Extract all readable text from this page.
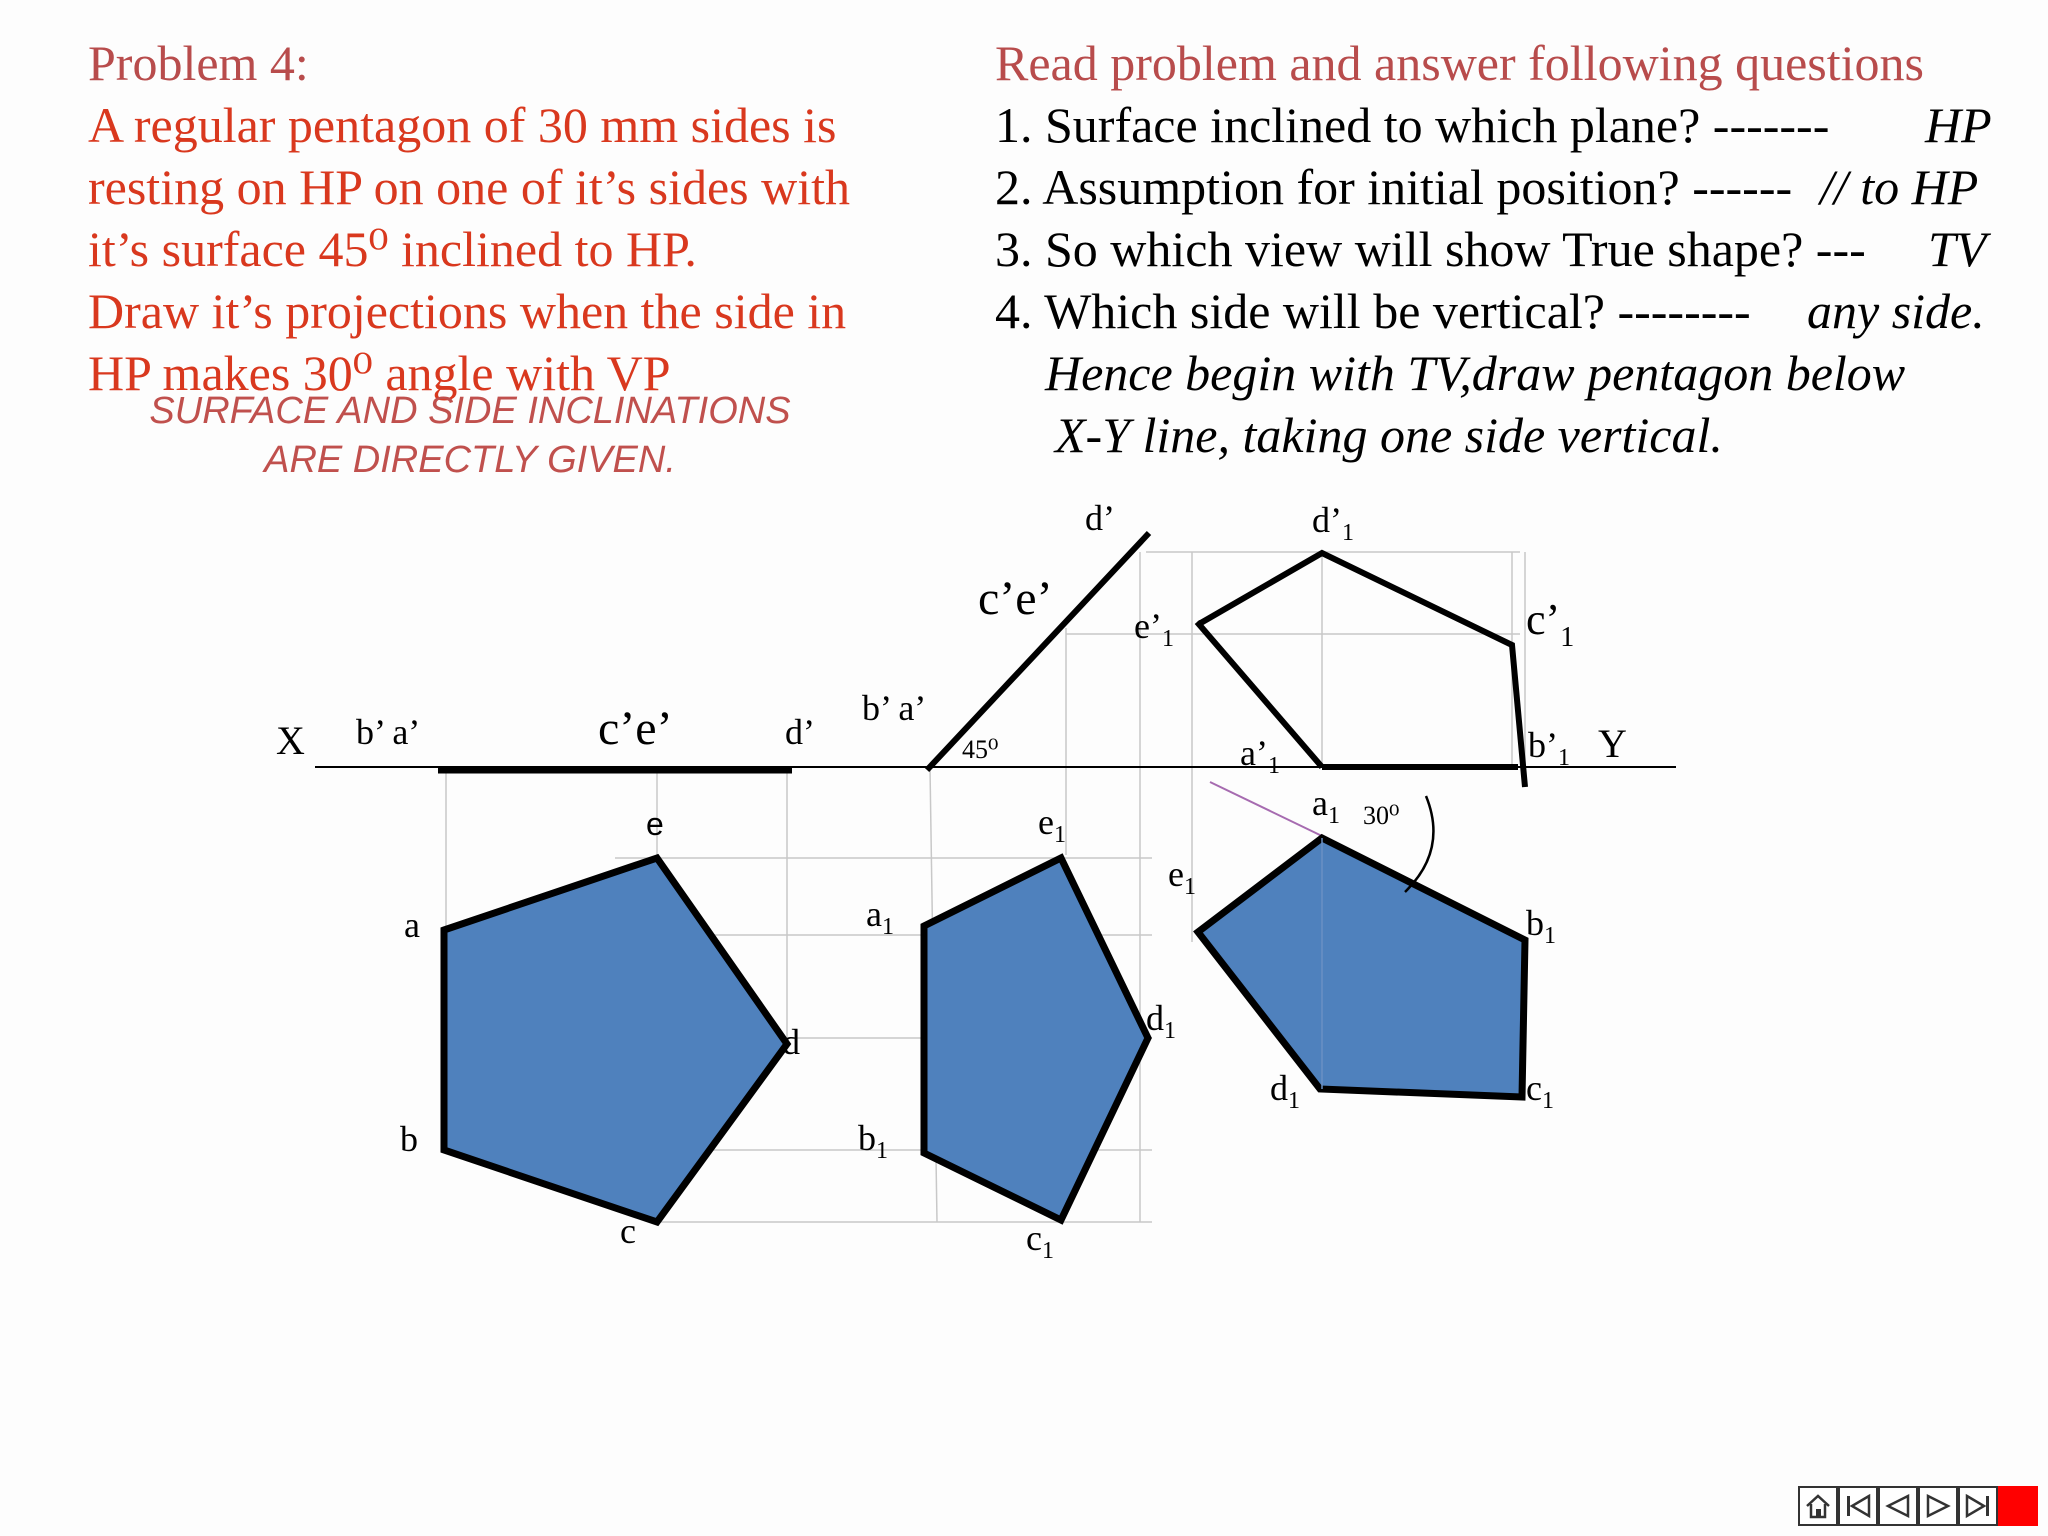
Problem 4:
A regular pentagon of 30 mm sides is
resting on HP on one of it’s sides with
it’s surface 45⁰ inclined to HP.
Draw it’s projections when the side in
HP makes 30⁰ angle with VP
SURFACE AND SIDE INCLINATIONS
ARE DIRECTLY GIVEN.
Read problem and answer following questions
1. Surface inclined to which plane? ------- HP
2. Assumption for initial position? ------ // to HP
3. So which view will show True shape? --- TV
4. Which side will be vertical? -------- any side.
Hence begin with TV,draw pentagon below
X-Y line, taking one side vertical.
X	Y
b’ a’	c’e’	d’
a
b
c
d
e
b’ a’
c’e’
d’
45⁰
$a_1$
$b_1$
$c_1$
$d_1$
$e_1$
$d’_1$
$e’_1$	$c’_1$
$a’_1$
$b’_1$
30⁰
$a_1$
$b_1$
$c_1$
$d_1$
$e_1$
